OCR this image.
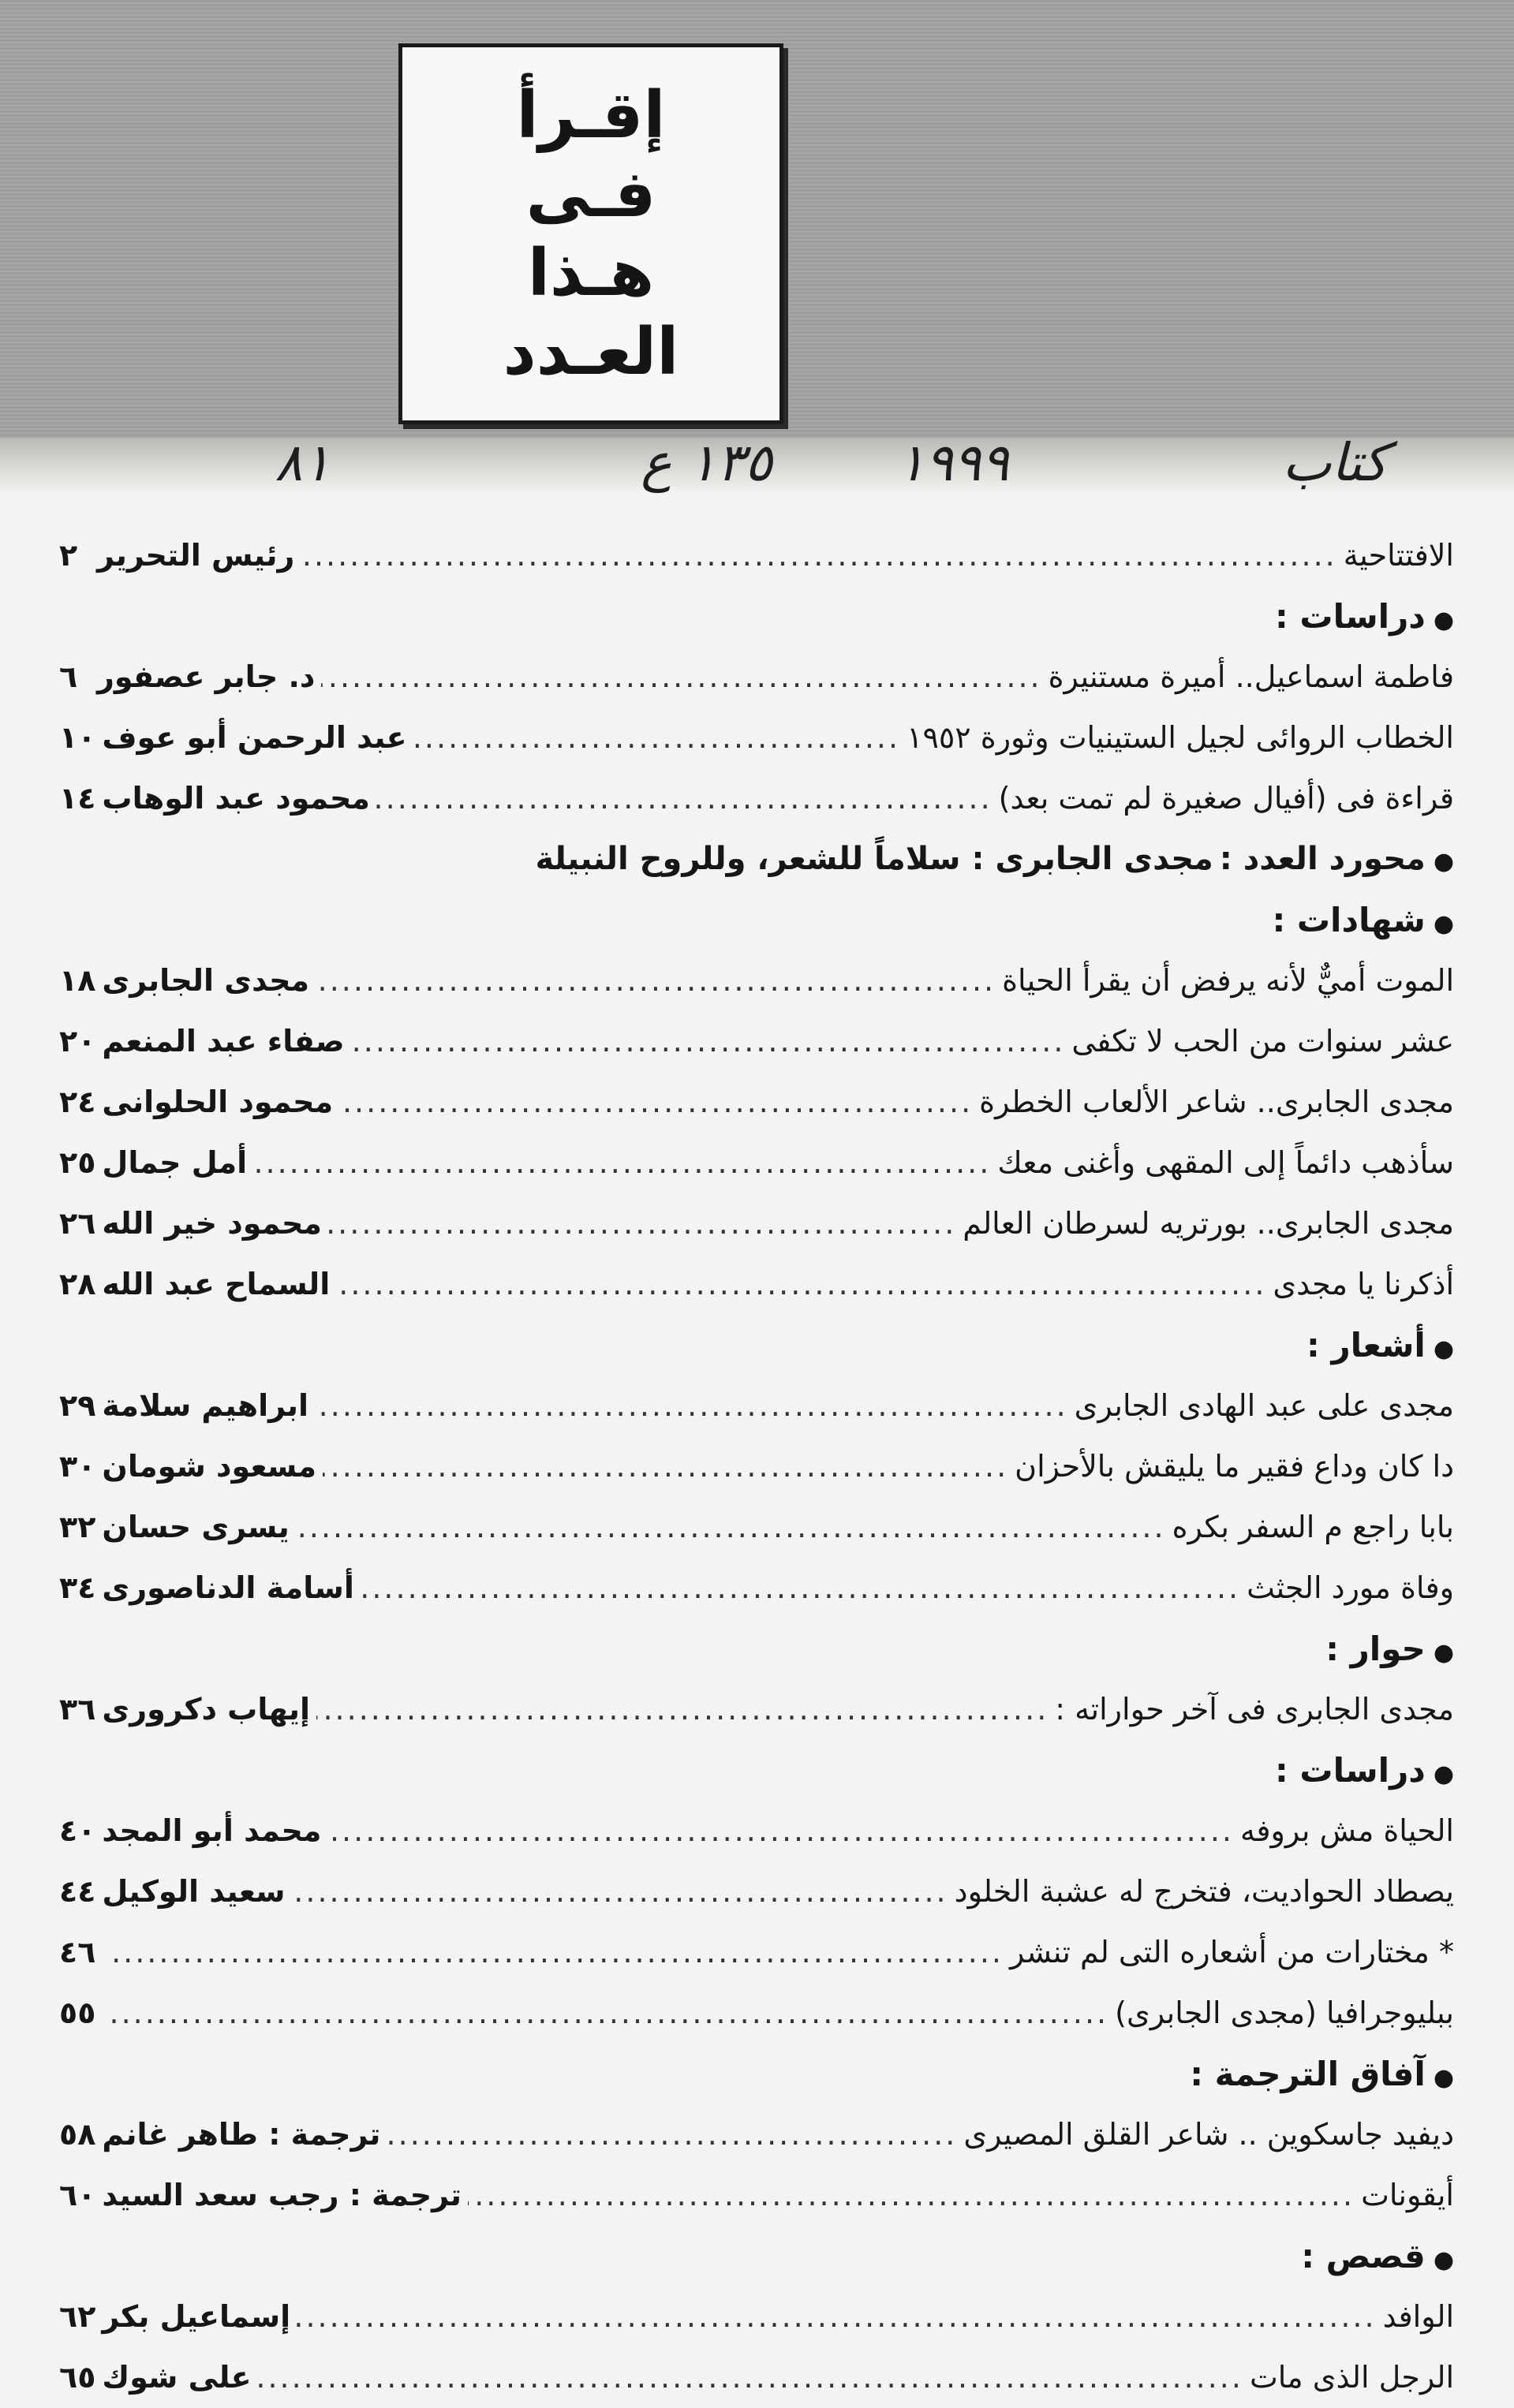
إقـرأ
فـى
هـذا
العـدد
كتاب
١٩٩٩
١٣٥ ع
٨١
الافتتاحية
.....
رئيس التحرير
٢
●
دراسات :
فاطمة اسماعيل.. أميرة مستنيرة
.....
د. جابر عصفور
٦
الخطاب الروائى لجيل الستينيات وثورة ١٩٥٢
.....
عبد الرحمن أبو عوف
١٠
قراءة فى (أفيال صغيرة لم تمت بعد)
.....
محمود عبد الوهاب
١٤
●
محورد العدد :
مجدى الجابرى : سلاماً للشعر، وللروح النبيلة
●
شهادات :
الموت أميٌّ لأنه يرفض أن يقرأ الحياة
.....
مجدى الجابرى
١٨
عشر سنوات من الحب لا تكفى
.....
صفاء عبد المنعم
٢٠
مجدى الجابرى.. شاعر الألعاب الخطرة
.....
محمود الحلوانى
٢٤
سأذهب دائماً إلى المقهى وأغنى معك
.....
أمل جمال
٢٥
مجدى الجابرى.. بورتريه لسرطان العالم
.....
محمود خير الله
٢٦
أذكرنا يا مجدى
.....
السماح عبد الله
٢٨
●
أشعار :
مجدى على عبد الهادى الجابرى
.....
ابراهيم سلامة
٢٩
دا كان وداع فقير ما يليقش بالأحزان
.....
مسعود شومان
٣٠
بابا راجع م السفر بكره
.....
يسرى حسان
٣٢
وفاة مورد الجثث
.....
أسامة الدناصورى
٣٤
●
حوار :
مجدى الجابرى فى آخر حواراته :
.....
إيهاب دكرورى
٣٦
●
دراسات :
الحياة مش بروفه
.....
محمد أبو المجد
٤٠
يصطاد الحواديت، فتخرج له عشبة الخلود
.....
سعيد الوكيل
٤٤
* مختارات من أشعاره التى لم تنشر
.....
٤٦
ببليوجرافيا (مجدى الجابرى)
.....
٥٥
●
آفاق الترجمة :
ديفيد جاسكوين .. شاعر القلق المصيرى
.....
ترجمة : طاهر غانم
٥٨
أيقونات
.....
ترجمة : رجب سعد السيد
٦٠
●
قصص :
الوافد
.....
إسماعيل بكر
٦٢
الرجل الذى مات
.....
على شوك
٦٥
